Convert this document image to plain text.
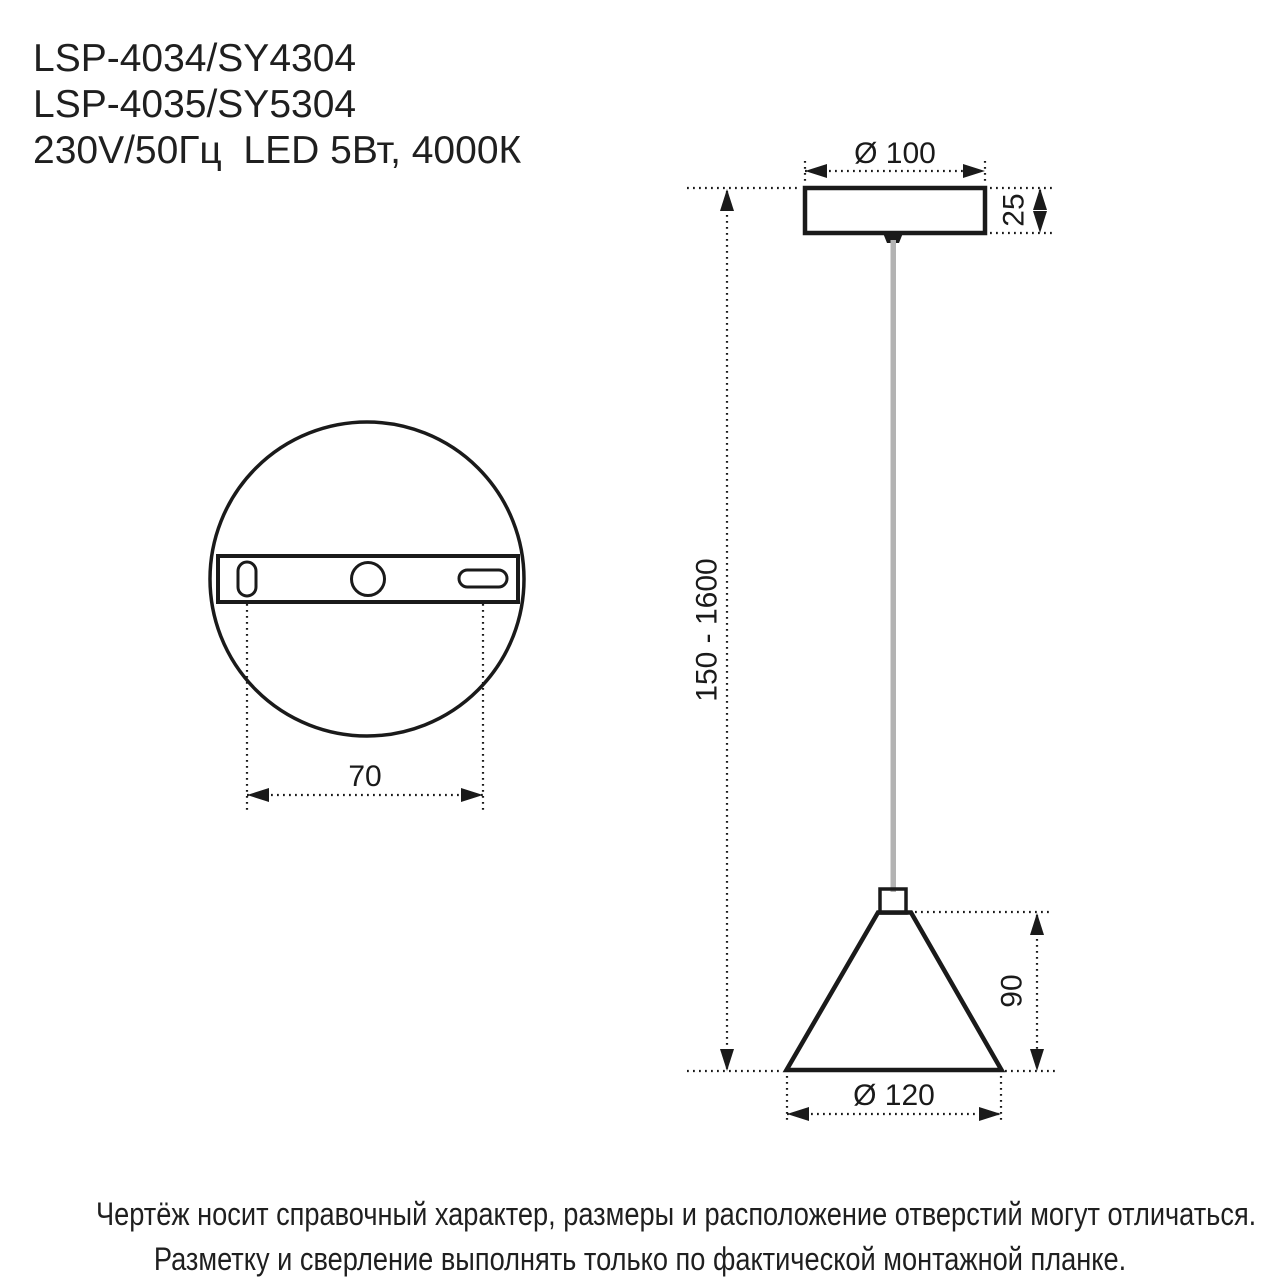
LSP-4034/SY4304
LSP-4035/SY5304
230V/50Гц  LED 5Вт, 4000К
70
Ø 100
25
150 - 1600
90
Ø 120
Чертёж носит справочный характер, размеры и расположение отверстий могут отличаться.
Разметку и сверление выполнять только по фактической монтажной планке.
